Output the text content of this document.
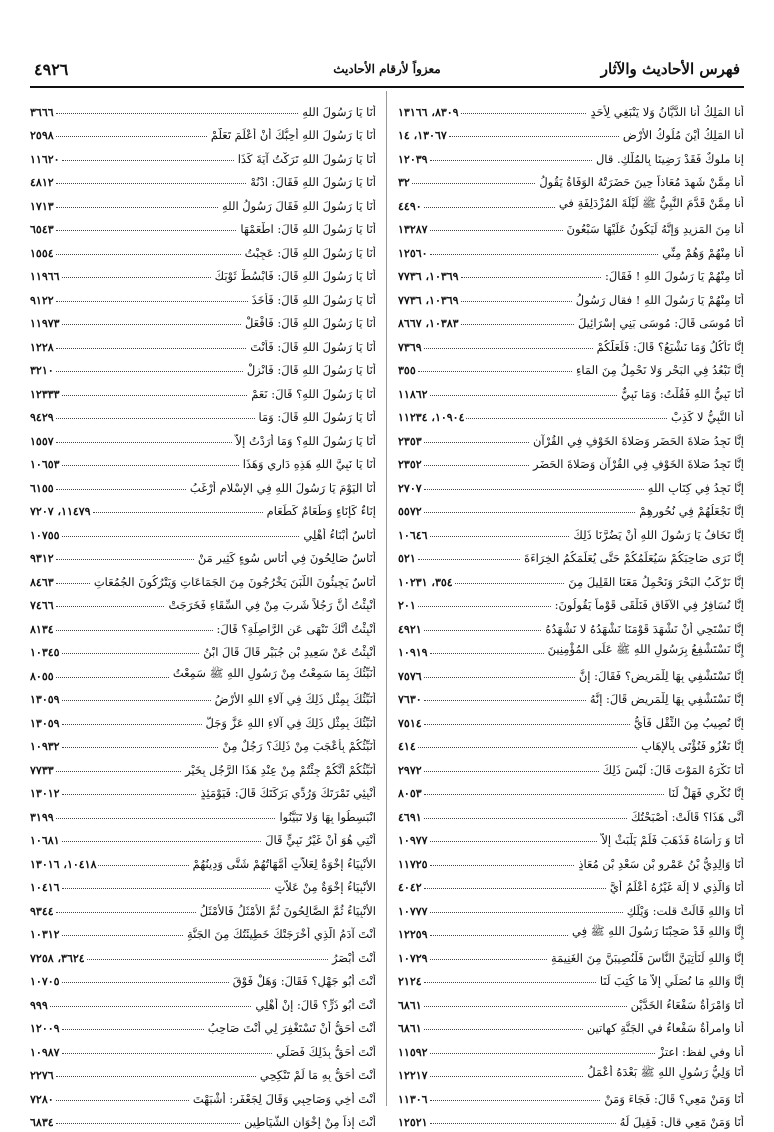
فهرس الأحاديث والآثار
معزواً لأرقام الأحاديث
٤٩٢٦
أنا المَلِكُ أنا الدَّيَّانُ وَلا يَنْبَغِي لِأحَدٍ
٨٣٠٩، ١٣١٦٦
أنا المَلِكُ أَيْنَ مُلُوكُ الأَرْضِ
١٣٠٦٧، ١٤
إنا ملوكٌ فَقَدْ رَضِينَا بِالمُلْكِ. قال
١٢٠٣٩
أنا مِمَّنْ شَهِدَ مُعَاذاً حِينَ حَضَرَتْهُ الوَفَاةُ يَقُولُ
٣٢
أنا مِمَّنْ قَدَّمَ النَّبِيُّ ﷺ لَيْلَةَ المُزْدَلِفَةِ في
٤٤٩٠
أنا مِنَ المَزِيدِ وَإِنَّهُ لَيَكُونُ عَلَيْهَا سَبْعُونَ
١٣٢٨٧
أنا مِنْهُمْ وَهُمْ مِنِّي
١٢٥٦٠
أَنَا مِنْهُمْ يَا رَسُولَ اللهِ ! فَقَالَ:
١٠٣٦٩، ٧٧٣٦
أَنَا مِنْهُمْ يَا رَسُولَ اللهِ ! فقال رَسُولُ
١٠٣٦٩، ٧٧٣٦
أَنَا مُوسَى قَالَ: مُوسَى بَنِي إِسْرَائِيلَ
١٠٣٨٣، ٨٦٦٧
إِنَّا نَأْكُلُ وَمَا نَشْبَعُ؟ قَالَ: فَلَعَلَّكُمْ
٧٣٦٩
إِنَّا نَبْعُدُ فِي البَحْرِ وَلا نَحْمِلُ مِنَ المَاءِ
٣٥٥
أَنَا نَبِيُّ اللهِ فَقُلْتُ: وَمَا نَبِيٌّ
١١٨٦٢
أنا النَّبِيُّ لا كَذِبْ
١٠٩٠٤، ١١٢٣٤
إِنَّا نَجِدُ صَلاةَ الحَضَرِ وَصَلاةَ الخَوْفِ فِي القُرْآنِ
٢٣٥٣
إِنَّا نَجِدُ صَلاةَ الخَوْفِ فِي القُرْآنِ وَصَلاةَ الحَضَرِ
٢٣٥٢
إِنَّا نَجِدُ فِي كِتَابِ اللهِ
٢٧٠٧
إِنَّا نَجْعَلُهُمْ فِي نُحُورِهِمْ
٥٥٧٢
إِنَّا نَخَافُ يَا رَسُولَ اللهِ أَنْ يَضُرَّنَا ذَلِكَ
١٠٦٤٦
إِنَّا نَرَى صَاحِبَكُمْ سَيُعَلِّمُكُمْ حَتَّى يُعَلِّمَكُمُ الخِرَاءَةَ
٥٢١
إِنَّا نَرْكَبُ البَحْرَ وَنَحْمِلُ مَعَنَا القَلِيلَ مِنَ
٣٥٤، ١٠٢٣١
إِنَّا نُسَافِرُ فِي الآفَاقِ فَنَلْقَى قَوْماً يَقُولُونَ:
٢٠١
إِنَّا نَسْتَحِي أَنْ نَشْهَدَ قَوْمَنَا نَشْهَدُهُ لا نَشْهَدُهُ
٤٩٢١
إِنَّا نَسْتَشْفِعُ بِرَسُولِ اللهِ ﷺ عَلَى المُؤْمِنِينَ
١٠٩١٩
إِنَّا نَسْتَشْفِي بِهَا لِلْمَرِيضِ؟ فَقَالَ: إِنَّ
٧٥٧٦
إِنَّا نَسْتَشْفِي بِهَا لِلْمَرِيضِ قَالَ: إِنَّهُ
٧٦٣٠
إِنَّا نُصِيبُ مِنَ الثِّقْلِ فَأَيُّ
٧٥١٤
إِنَّا نَغْزُو فَنُؤْتَى بِالإِهَابِ
٤١٤
أَنَا نَكْرَهُ المَوْتَ قَالَ: لَيْسَ ذَلِكَ
٢٩٧٢
إِنَّا نُكْرِي فَهَلْ لَنَا
٨٠٥٣
أَنَّى هَذَا؟ قَالَتْ: أَصْبَحْتُكَ
٤٦٩١
أَنَا وَ رَأْسَاهُ فَذَهَبَ فَلَمْ يَلْبَثْ إِلاَّ
١٠٩٧٧
أَنَا وَالِدِيُّ بْنُ عَمْرِو بْنِ سَعْدِ بْنِ مُعَاذٍ
١١٧٢٥
أَنَا وَالَّذِي لا إِلَهَ غَيْرُهُ أَعْلَمُ أَيَّ
٤٠٤٢
أَنَا وَاللهِ قَالَتْ قلت: وَيْلَكِ
١٠٧٧٧
إِنَّا وَاللهِ قَدْ صَحِبْنَا رَسُولَ اللهِ ﷺ فِي
١٢٢٥٩
إِنَّا وَاللهِ لَنَأْتِيَنَّ النَّاسَ فَلْنُصِيبَنَّ مِنَ الغَنِيمَةِ
١٠٧٢٩
إِنَّا وَاللهِ مَا نُصَلِّي إِلاَّ مَا كُتِبَ لَنَا
٢١٢٤
أَنَا وَامْرَأَةٌ سَفْعَاءُ الخَدَّيْنِ
٦٨٦١
أنا وامرأةٌ سَفْعاءُ في الجَنَّةِ كهاتين
٦٨٦١
أنا وفي لفظ: اعتزْ
١١٥٩٢
أَنَا وَلِيُّ رَسُولِ اللهِ ﷺ بَعْدَهُ أَعْمَلُ
١٢٢١٧
أَنَا وَمَنْ مَعِي؟ قَالَ: فَجَاءَ وَمَنْ
١١٣٠٦
أَنَا وَمَنْ مَعِي قال: فَقِيلَ لَهُ
١٢٥٢١
أَنَا يَا رَسُولَ اللهِ
٣٦٦٦
أَنَا يَا رَسُولَ اللهِ أُحِبُّكَ أَنْ أَعْلَمَ تَعَلَّمْ
٢٥٩٨
أَنَا يَا رَسُولَ اللهِ تَرَكْتُ آيَةَ كَذَا
١١٦٢٠
أَنَا يَا رَسُولَ اللهِ فَقَالَ: ادْنُهْ
٤٨١٢
أَنَا يَا رَسُولَ اللهِ فَقَالَ رَسُولُ اللهِ
١٧١٣
أَنَا يَا رَسُولَ اللهِ قَالَ: اطْعَمْهَا
٦٥٤٣
أَنَا يَا رَسُولَ اللهِ قَالَ: عَجِبْتُ
١٥٥٤
أَنَا يَا رَسُولَ اللهِ قَالَ: فَابْسُطْ ثَوْبَكَ
١١٩٦٦
أَنَا يَا رَسُولَ اللهِ قَالَ: فَأَخَذَ
٩١٢٢
أَنَا يَا رَسُولَ اللهِ قَالَ: فَافْعَلْ
١١٩٧٣
أَنَا يَا رَسُولَ اللهِ قَالَ: فَأَنْتَ
١٢٢٨
أَنَا يَا رَسُولَ اللهِ قَالَ: فَانْزِلْ
٣٢١٠
أَنَا يَا رَسُولَ اللهِ؟ قَالَ: نَعَمْ
١٢٣٣٣
أَنَا يَا رَسُولَ اللهِ قَالَ: وَمَا
٩٤٢٩
أَنَا يَا رَسُولَ اللهِ؟ وَمَا أَرَدْتُ إِلاَّ
١٥٥٧
أَنَا يَا نَبِيَّ اللهِ هَذِهِ دَارِي وَهَذَا
١٠٦٥٣
أَنَا اليَوْمَ يَا رَسُولَ اللهِ فِي الإِسْلامِ أَرْغَبُ
٦١٥٥
إِنَاءٌ كَإِنَاءٍ وَطَعَامٌ كَطَعَامٍ
١١٤٧٩، ٧٢٠٧
أُنَاسٌ أَبْنَاءُ أَهْلِي
١٠٧٥٥
أُنَاسٌ صَالِحُونَ فِي أُنَاسٍ سُوءٍ كَثِيرٍ مَنْ
٩٣١٢
أُنَاسٌ يَجِيئُونَ اللَّبَنَ يَخْرُجُونَ مِنَ الجَمَاعَاتِ وَيَتْرُكُونَ الجُمُعَاتِ
٨٤٦٣
أُنْبِئْتُ أَنَّ رَجُلاً شَرِبَ مِنْ فِي السِّقَاءِ فَخَرَجَتْ
٧٤٦٦
أُنْبِئْتُ أَنَّكَ تَنْهَى عَنِ الرَّاصِلَةِ؟ قَالَ:
٨١٣٤
أُنْبِئْتُ عَنْ سَعِيدِ بْنِ جُبَيْرٍ قَالَ قَالَ ابْنُ
١٠٣٤٥
أُنَبِّئُكَ بِمَا سَمِعْتُ مِنْ رَسُولِ اللهِ ﷺ سَمِعْتُ
٨٠٥٥
أُنَبِّئُكَ بِمِثْلِ ذَلِكَ فِي آلاءِ اللهِ الأَرْضُ
١٣٠٥٩
أُنَبِّئُكَ بِمِثْلِ ذَلِكَ فِي آلاءِ اللهِ عَزَّ وَجَلَّ
١٣٠٥٩
أُنَبِّئُكُمْ بِأَعْجَبَ مِنْ ذَلِكَ؟ رَجُلٌ مِنْ
١٠٩٣٢
أُنَبِّئُكُمْ أَنَّكُمْ جِئْتُمْ مِنْ عِنْدِ هَذَا الرَّجُلِ بِخَيْرٍ
٧٧٣٣
أَنْبِئِي تَمْرَتَكَ وَرُدِّي بَرَكَتَكَ قَالَ: فَيَوْمَئِذٍ
١٣٠١٢
انْبَسِطُوا بِهَا وَلا تَبَيَّنُوا
٣١٩٩
أَنْتِي هُوَ أَنْ غَيْرُ نَبِيٍّ قَالَ
١٠٦٨١
الأَنْبِيَاءُ إِخْوَةٌ لِعَلاَّتٍ أُمَّهَاتُهُمْ شَتَّى وَدِينُهُمْ
١٠٤١٨، ١٣٠١٦
الأَنْبِيَاءُ إِخْوَةٌ مِنْ عَلاَّتٍ
١٠٤١٦
الأَنْبِيَاءُ ثُمَّ الصَّالِحُونَ ثُمَّ الأَمْثَلُ فَالأَمْثَلُ
٩٣٤٤
أَنْتَ آدَمُ الَّذِي أَخْرَجَتْكَ خَطِيئَتُكَ مِنَ الجَنَّةِ
١٠٣١٢
أَنْتَ أَبْصَرُ
٣٦٢٤، ٧٢٥٨
أَنْتَ أَبُو جَهْلٍ؟ فَقَالَ: وَهَلْ فَوْقَ
١٠٧٠٥
أَنْتَ أَبُو ذَرٍّ؟ قَالَ: إِنْ أَهْلِي
٩٩٩
أَنْتَ أَحَقُّ أَنْ تَسْتَغْفِرَ لِي أَنْتَ صَاحِبُ
١٢٠٠٩
أَنْتَ أَحَقُّ بِذَلِكَ فَصَلِّي
١٠٩٨٧
أَنْتَ أَحَقُّ بِهِ مَا لَمْ تَنْكِحِي
٢٢٧٦
أَنْتَ أَخِي وَصَاحِبِي وَقَالَ لِجَعْفَرٍ: أَشْبَهْتَ
٧٢٨٠
أَنْتَ إِذاً مِنْ إِخْوَانِ الشَّيَاطِينِ
٦٨٣٤
